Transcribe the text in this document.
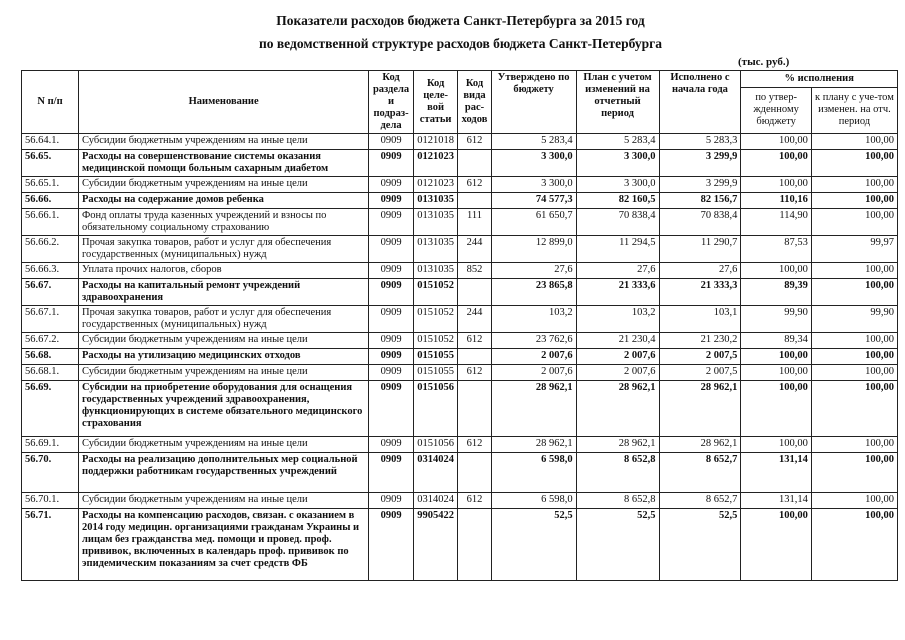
Показатели расходов бюджета Санкт-Петербурга за 2015 год
по ведомственной структуре расходов бюджета Санкт-Петербурга
(тыс. руб.)
N п/п	Наименование	Код раздела и подраз-дела	Код целе-вой статьи	Код вида рас-ходов	Утверждено по бюджету	План с учетом изменений на отчетный период	Исполнено с начала года	% исполнения	
								по утвер-жденному бюджету	к плану с уче-том изменен. на отч. период
56.64.1.	Субсидии бюджетным учреждениям на иные цели	0909	0121018	612	5 283,4	5 283,4	5 283,3	100,00	100,00
56.65.	Расходы на совершенствование системы оказания медицинской помощи больным сахарным диабетом	0909	0121023		3 300,0	3 300,0	3 299,9	100,00	100,00
56.65.1.	Субсидии бюджетным учреждениям на иные цели	0909	0121023	612	3 300,0	3 300,0	3 299,9	100,00	100,00
56.66.	Расходы на содержание домов ребенка	0909	0131035		74 577,3	82 160,5	82 156,7	110,16	100,00
56.66.1.	Фонд оплаты труда казенных учреждений и взносы по обязательному социальному страхованию	0909	0131035	111	61 650,7	70 838,4	70 838,4	114,90	100,00
56.66.2.	Прочая закупка товаров, работ и услуг для обеспечения государственных (муниципальных) нужд	0909	0131035	244	12 899,0	11 294,5	11 290,7	87,53	99,97
56.66.3.	Уплата прочих налогов, сборов	0909	0131035	852	27,6	27,6	27,6	100,00	100,00
56.67.	Расходы на капитальный ремонт учреждений здравоохранения	0909	0151052		23 865,8	21 333,6	21 333,3	89,39	100,00
56.67.1.	Прочая закупка товаров, работ и услуг для обеспечения государственных (муниципальных) нужд	0909	0151052	244	103,2	103,2	103,1	99,90	99,90
56.67.2.	Субсидии бюджетным учреждениям на иные цели	0909	0151052	612	23 762,6	21 230,4	21 230,2	89,34	100,00
56.68.	Расходы на утилизацию медицинских отходов	0909	0151055		2 007,6	2 007,6	2 007,5	100,00	100,00
56.68.1.	Субсидии бюджетным учреждениям на иные цели	0909	0151055	612	2 007,6	2 007,6	2 007,5	100,00	100,00
56.69.	Субсидии на приобретение оборудования для оснащения государственных учреждений здравоохранения, функционирующих в системе обязательного медицинского страхования	0909	0151056		28 962,1	28 962,1	28 962,1	100,00	100,00
56.69.1.	Субсидии бюджетным учреждениям на иные цели	0909	0151056	612	28 962,1	28 962,1	28 962,1	100,00	100,00
56.70.	Расходы на реализацию дополнительных мер социальной поддержки работникам государственных учреждений	0909	0314024		6 598,0	8 652,8	8 652,7	131,14	100,00
56.70.1.	Субсидии бюджетным учреждениям на иные цели	0909	0314024	612	6 598,0	8 652,8	8 652,7	131,14	100,00
56.71.	Расходы на компенсацию расходов, связан. с оказанием в 2014 году медицин. организациями гражданам Украины и лицам без гражданства мед. помощи и провед. проф. прививок, включенных в календарь проф. прививок по эпидемическим показаниям за счет средств ФБ	0909	9905422		52,5	52,5	52,5	100,00	100,00
